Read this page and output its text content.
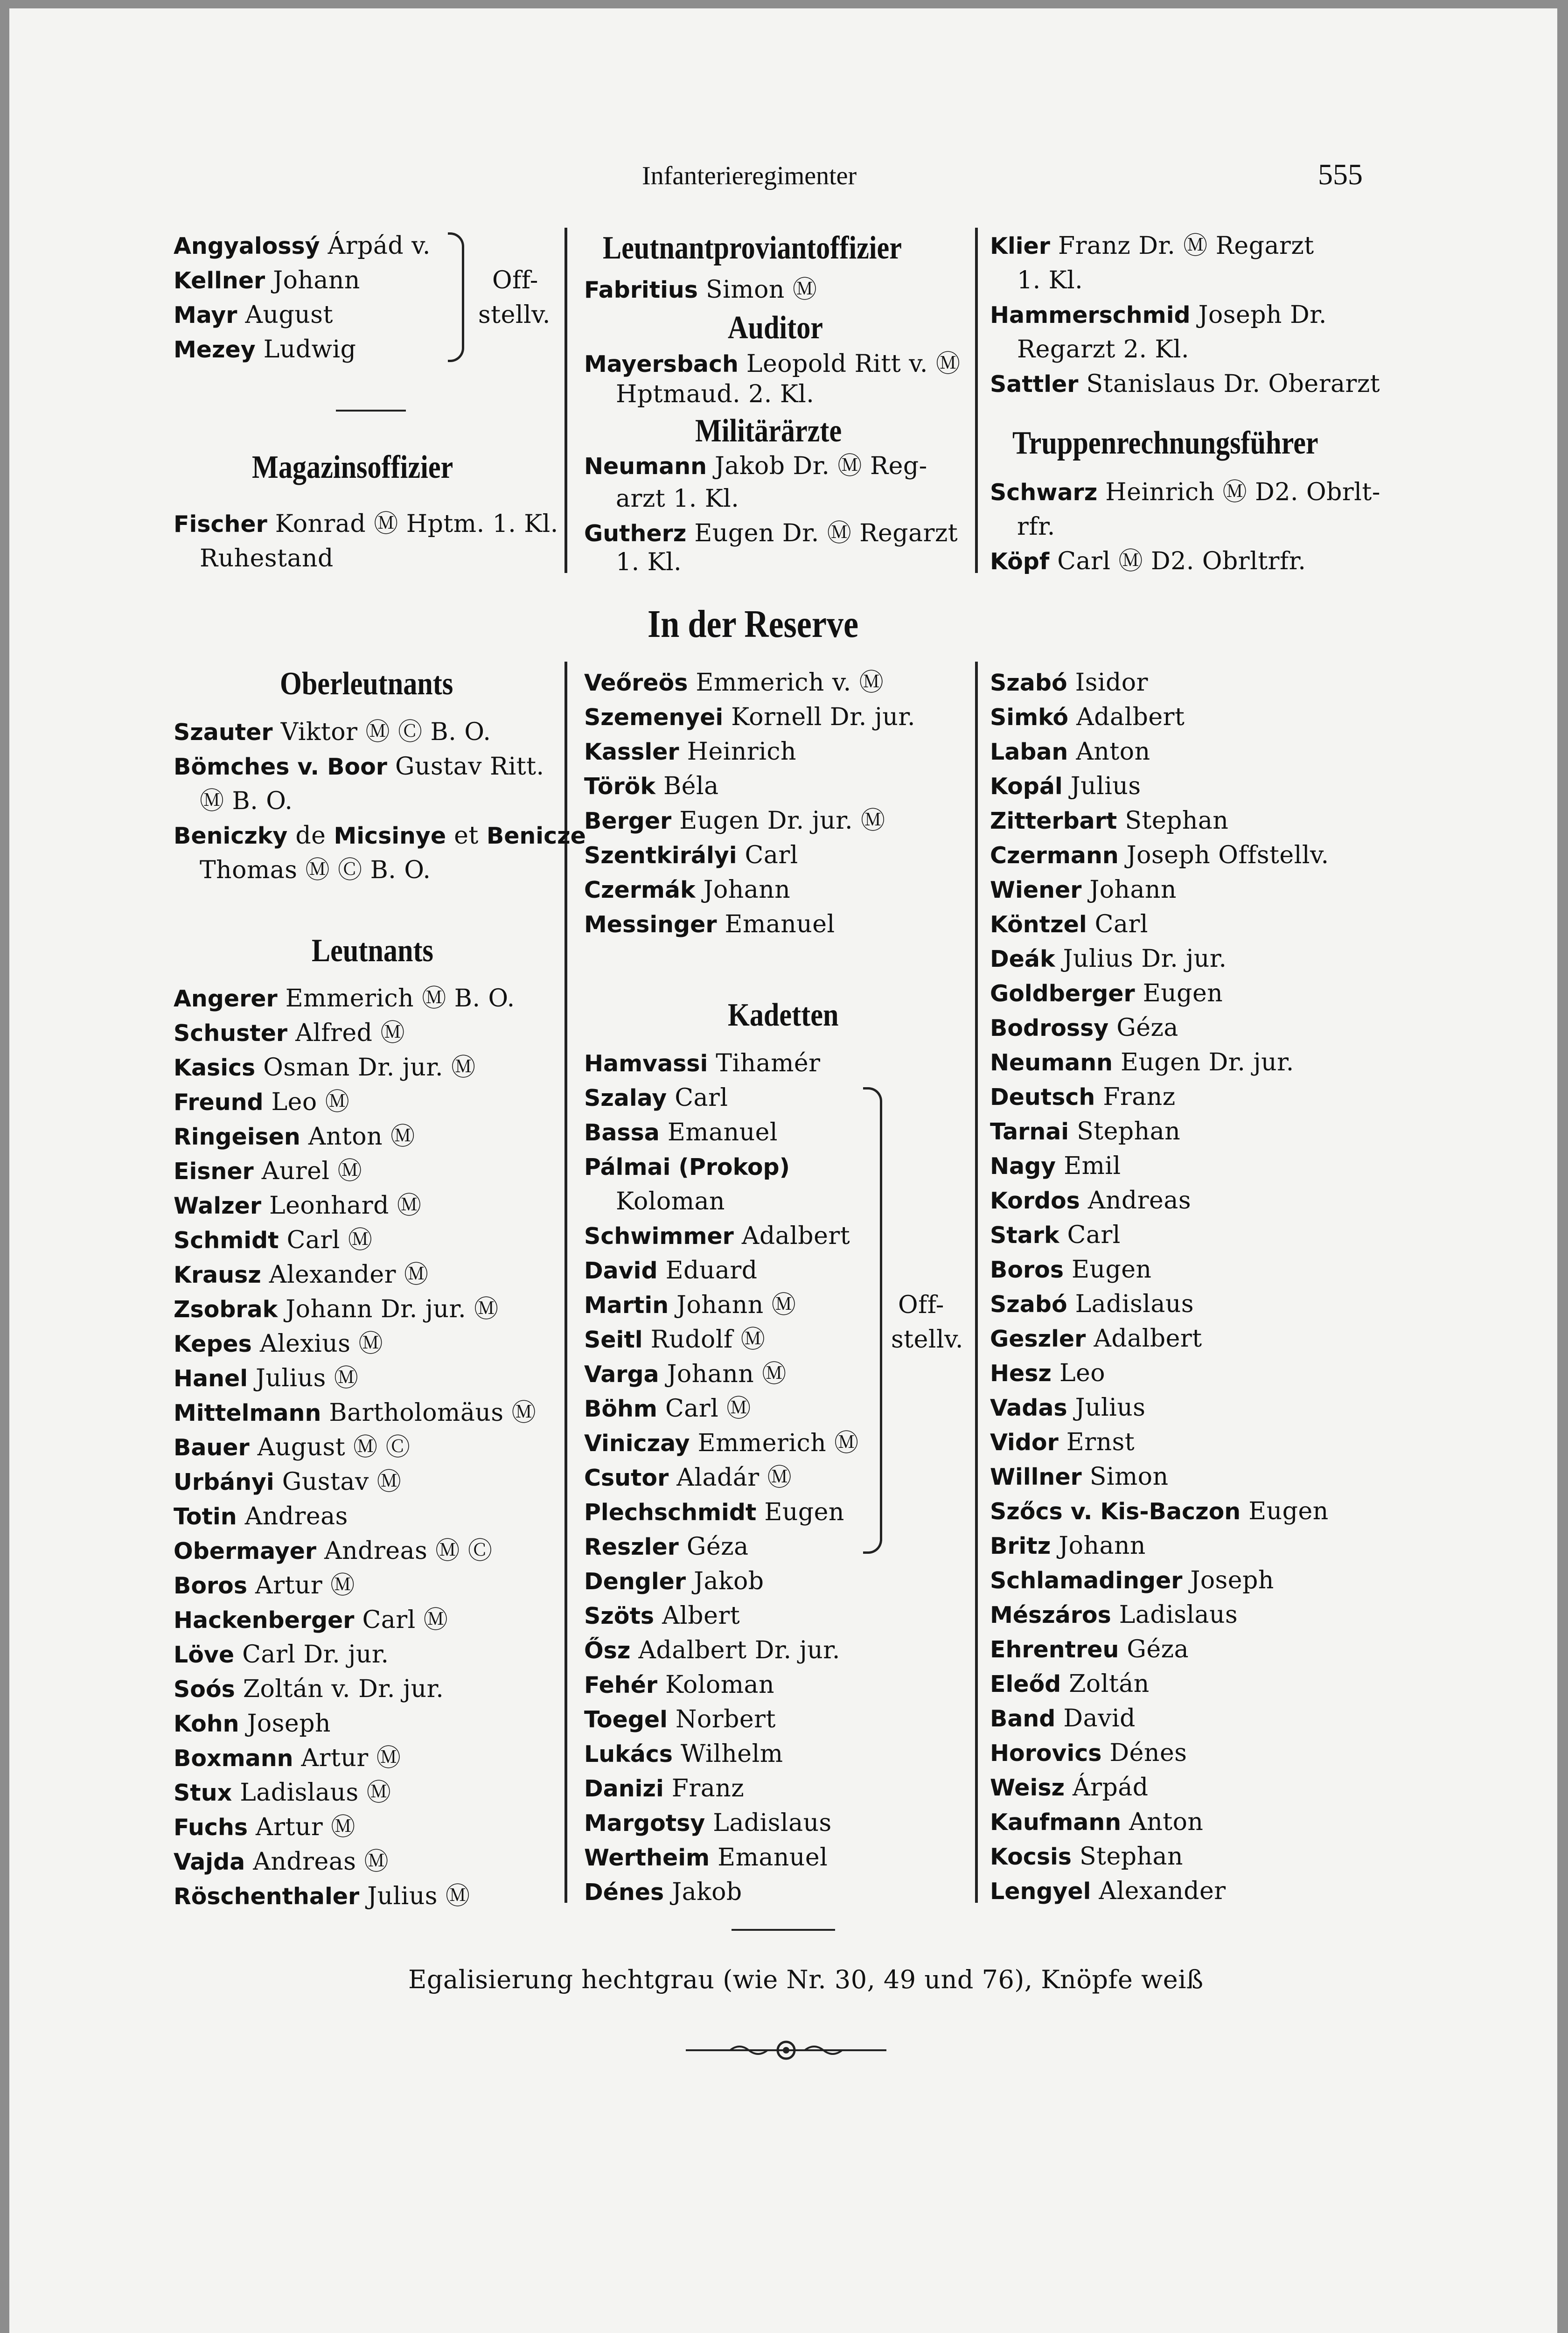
Infanterieregimenter	555
Angyalossý Árpád v.
Kellner Johann
Mayr August
Mezey Ludwig
Off-
stellv.
Magazinsoffizier
Fischer Konrad Ⓜ Hptm. 1. Kl.
Ruhestand
Leutnantproviantoffizier
Fabritius Simon Ⓜ
Auditor
Mayersbach Leopold Ritt v. Ⓜ
Hptmaud. 2. Kl.
Militärärzte
Neumann Jakob Dr. Ⓜ Reg-
arzt 1. Kl.
Gutherz Eugen Dr. Ⓜ Regarzt
1. Kl.
Klier Franz Dr. Ⓜ Regarzt
1. Kl.
Hammerschmid Joseph Dr.
Regarzt 2. Kl.
Sattler Stanislaus Dr. Oberarzt
Truppenrechnungsführer
Schwarz Heinrich Ⓜ D2. Obrlt-
rfr.
Köpf Carl Ⓜ D2. Obrltrfr.
In der Reserve
Oberleutnants
Szauter Viktor Ⓜ Ⓒ B. O.
Bömches v. Boor Gustav Ritt.
Ⓜ B. O.
Beniczky de Micsinye et Benicze
Thomas Ⓜ Ⓒ B. O.
Leutnants
Angerer Emmerich Ⓜ B. O.
Schuster Alfred Ⓜ
Kasics Osman Dr. jur. Ⓜ
Freund Leo Ⓜ
Ringeisen Anton Ⓜ
Eisner Aurel Ⓜ
Walzer Leonhard Ⓜ
Schmidt Carl Ⓜ
Krausz Alexander Ⓜ
Zsobrak Johann Dr. jur. Ⓜ
Kepes Alexius Ⓜ
Hanel Julius Ⓜ
Mittelmann Bartholomäus Ⓜ
Bauer August Ⓜ Ⓒ
Urbányi Gustav Ⓜ
Totin Andreas
Obermayer Andreas Ⓜ Ⓒ
Boros Artur Ⓜ
Hackenberger Carl Ⓜ
Löve Carl Dr. jur.
Soós Zoltán v. Dr. jur.
Kohn Joseph
Boxmann Artur Ⓜ
Stux Ladislaus Ⓜ
Fuchs Artur Ⓜ
Vajda Andreas Ⓜ
Röschenthaler Julius Ⓜ
Veőreös Emmerich v. Ⓜ
Szemenyei Kornell Dr. jur.
Kassler Heinrich
Török Béla
Berger Eugen Dr. jur. Ⓜ
Szentkirályi Carl
Czermák Johann
Messinger Emanuel
Kadetten
Hamvassi Tihamér
Szalay Carl
Bassa Emanuel
Pálmai (Prokop)
Koloman
Schwimmer Adalbert
David Eduard
Martin Johann Ⓜ
Seitl Rudolf Ⓜ
Varga Johann Ⓜ
Böhm Carl Ⓜ
Viniczay Emmerich Ⓜ
Csutor Aladár Ⓜ
Plechschmidt Eugen
Reszler Géza
Dengler Jakob
Szöts Albert
Ősz Adalbert Dr. jur.
Fehér Koloman
Toegel Norbert
Lukács Wilhelm
Danizi Franz
Margotsy Ladislaus
Wertheim Emanuel
Dénes Jakob
Off-
stellv.
Szabó Isidor
Simkó Adalbert
Laban Anton
Kopál Julius
Zitterbart Stephan
Czermann Joseph Offstellv.
Wiener Johann
Köntzel Carl
Deák Julius Dr. jur.
Goldberger Eugen
Bodrossy Géza
Neumann Eugen Dr. jur.
Deutsch Franz
Tarnai Stephan
Nagy Emil
Kordos Andreas
Stark Carl
Boros Eugen
Szabó Ladislaus
Geszler Adalbert
Hesz Leo
Vadas Julius
Vidor Ernst
Willner Simon
Szőcs v. Kis-Baczon Eugen
Britz Johann
Schlamadinger Joseph
Mészáros Ladislaus
Ehrentreu Géza
Eleőd Zoltán
Band David
Horovics Dénes
Weisz Árpád
Kaufmann Anton
Kocsis Stephan
Lengyel Alexander
Egalisierung hechtgrau (wie Nr. 30, 49 und 76), Knöpfe weiß
